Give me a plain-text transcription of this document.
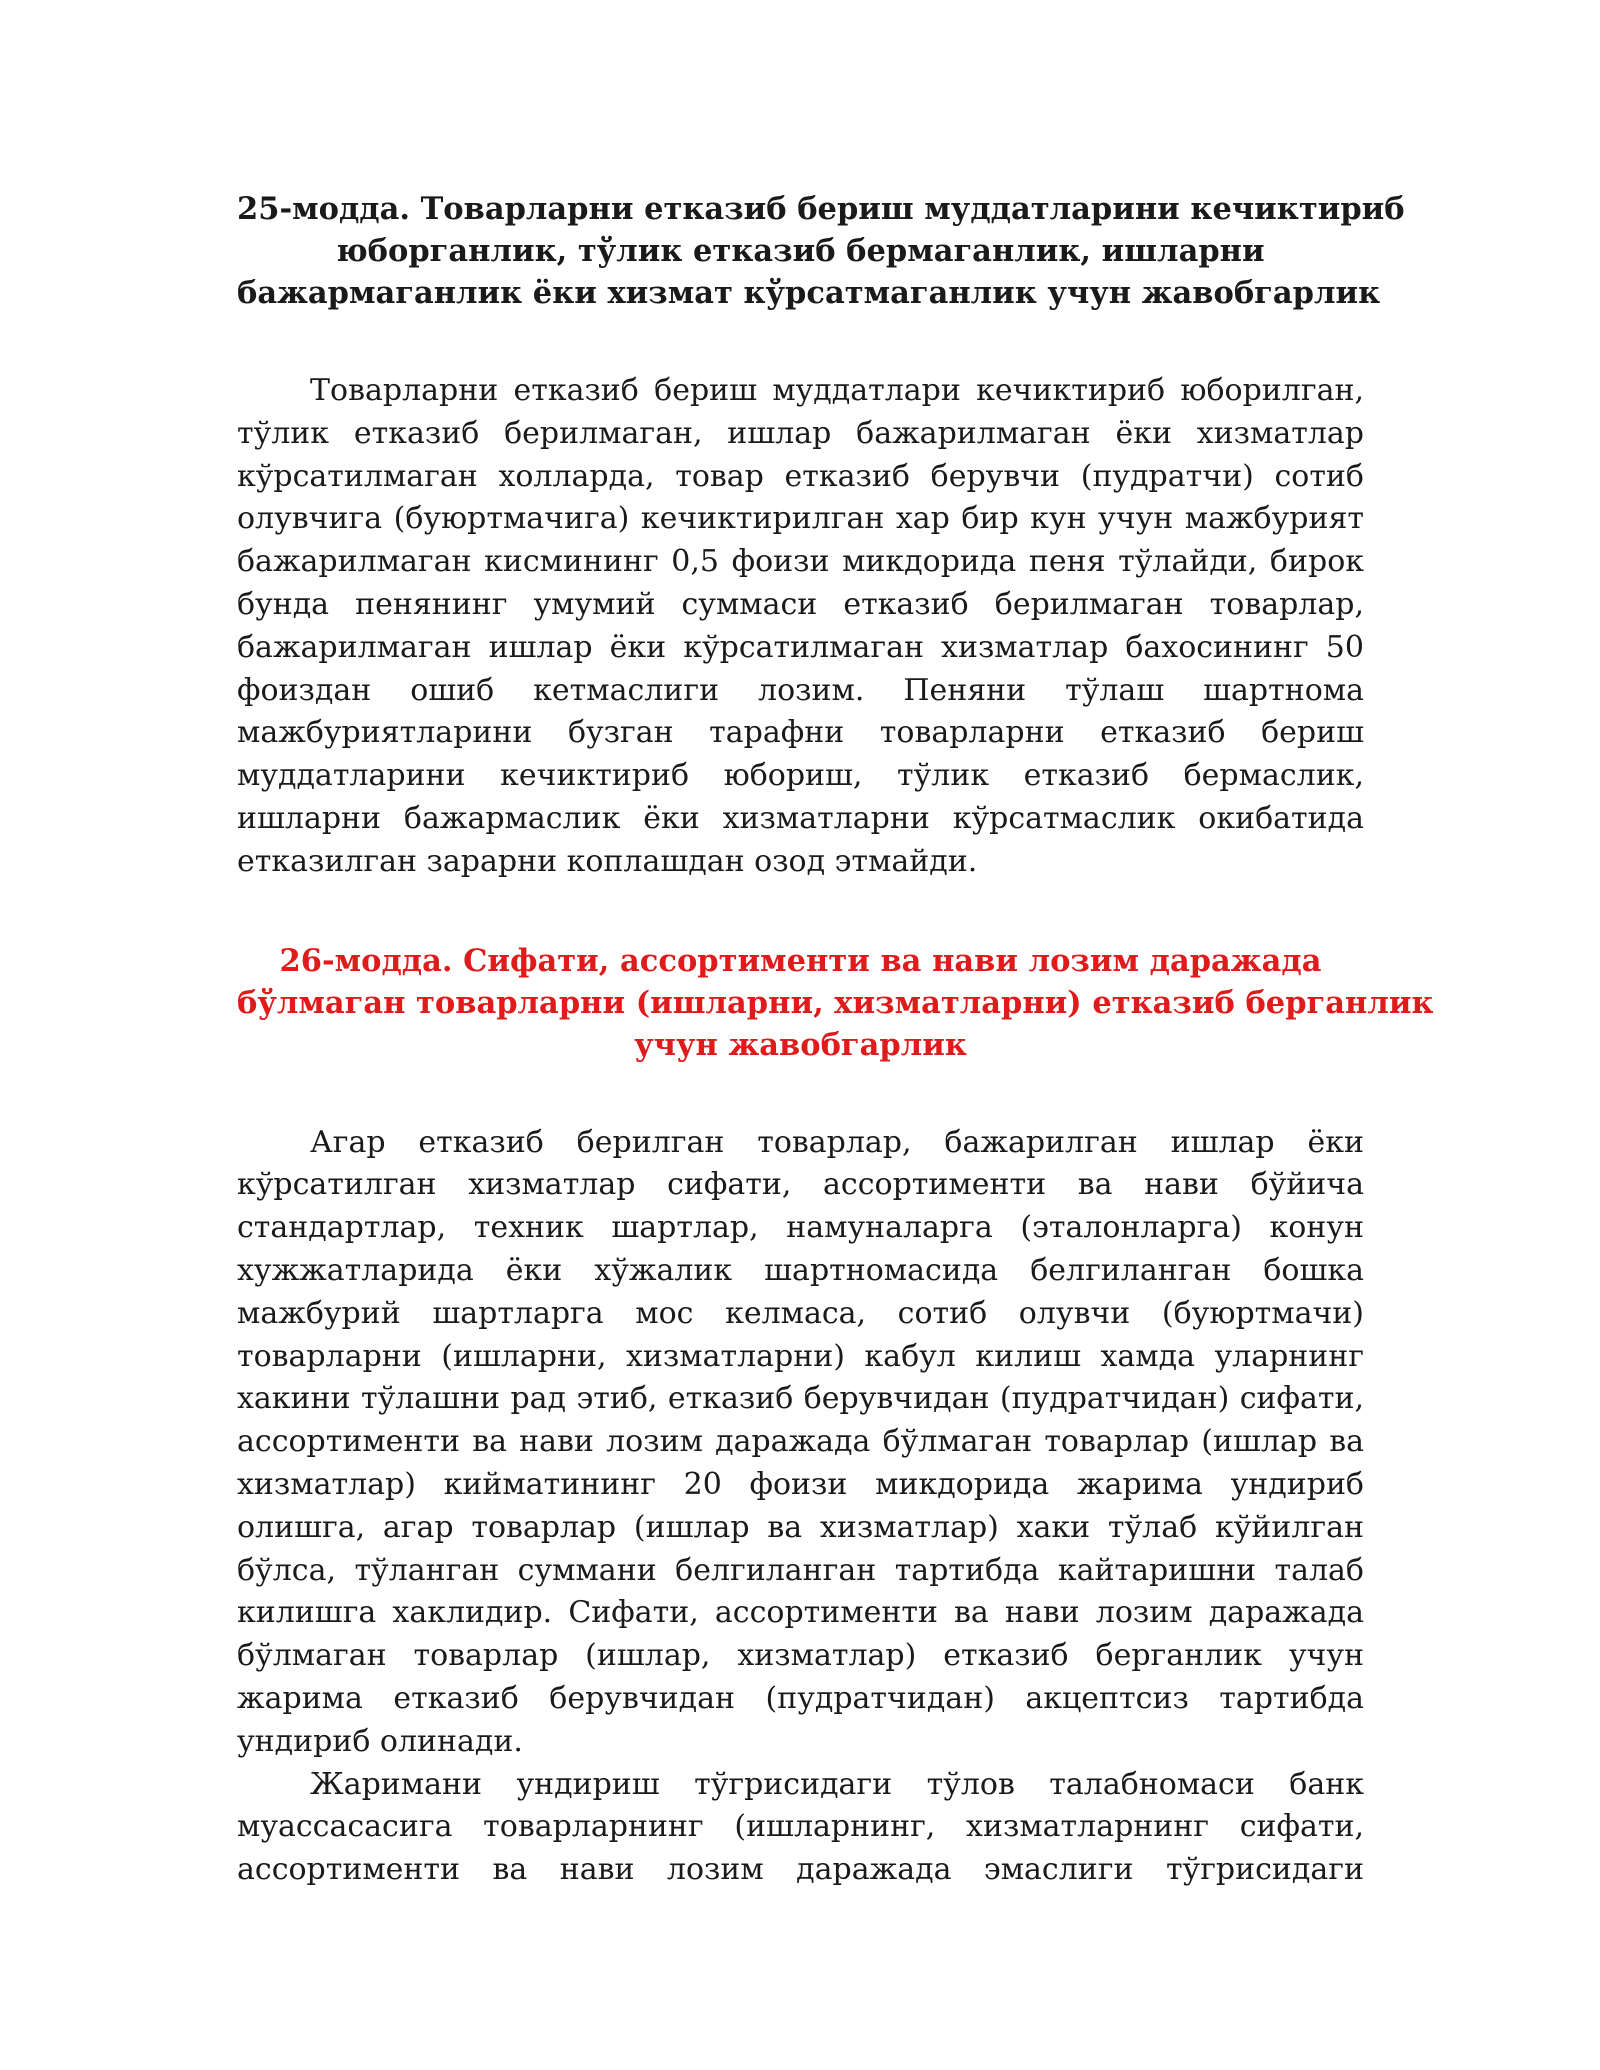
25-модда. Товарларни етказиб бериш муддатларини кечиктириб
юборганлик, тўлик етказиб бермаганлик, ишларни
бажармаганлик ёки хизмат кўрсатмаганлик учун жавобгарлик

Товарларни етказиб бериш муддатлари кечиктириб юборилган,
тўлик етказиб берилмаган, ишлар бажарилмаган ёки хизматлар
кўрсатилмаган холларда, товар етказиб берувчи (пудратчи) сотиб
олувчига (буюртмачига) кечиктирилган хар бир кун учун мажбурият
бажарилмаган кисмининг 0,5 фоизи микдорида пеня тўлайди, бирок
бунда пенянинг умумий суммаси етказиб берилмаган товарлар,
бажарилмаган ишлар ёки кўрсатилмаган хизматлар бахосининг 50
фоиздан ошиб кетмаслиги лозим. Пеняни тўлаш шартнома
мажбуриятларини бузган тарафни товарларни етказиб бериш
муддатларини кечиктириб юбориш, тўлик етказиб бермаслик,
ишларни бажармаслик ёки хизматларни кўрсатмаслик окибатида
етказилган зарарни коплашдан озод этмайди.

26-модда. Сифати, ассортименти ва нави лозим даражада
бўлмаган товарларни (ишларни, хизматларни) етказиб берганлик
учун жавобгарлик

Агар етказиб берилган товарлар, бажарилган ишлар ёки
кўрсатилган хизматлар сифати, ассортименти ва нави бўйича
стандартлар, техник шартлар, намуналарга (эталонларга) конун
хужжатларида ёки хўжалик шартномасида белгиланган бошка
мажбурий шартларга мос келмаса, сотиб олувчи (буюртмачи)
товарларни (ишларни, хизматларни) кабул килиш хамда уларнинг
хакини тўлашни рад этиб, етказиб берувчидан (пудратчидан) сифати,
ассортименти ва нави лозим даражада бўлмаган товарлар (ишлар ва
хизматлар) кийматининг 20 фоизи микдорида жарима ундириб
олишга, агар товарлар (ишлар ва хизматлар) хаки тўлаб кўйилган
бўлса, тўланган суммани белгиланган тартибда кайтаришни талаб
килишга хаклидир. Сифати, ассортименти ва нави лозим даражада
бўлмаган товарлар (ишлар, хизматлар) етказиб берганлик учун
жарима етказиб берувчидан (пудратчидан) акцептсиз тартибда
ундириб олинади.

Жаримани ундириш тўгрисидаги тўлов талабномаси банк
муассасасига товарларнинг (ишларнинг, хизматларнинг сифати,
ассортименти ва нави лозим даражада эмаслиги тўгрисидаги
